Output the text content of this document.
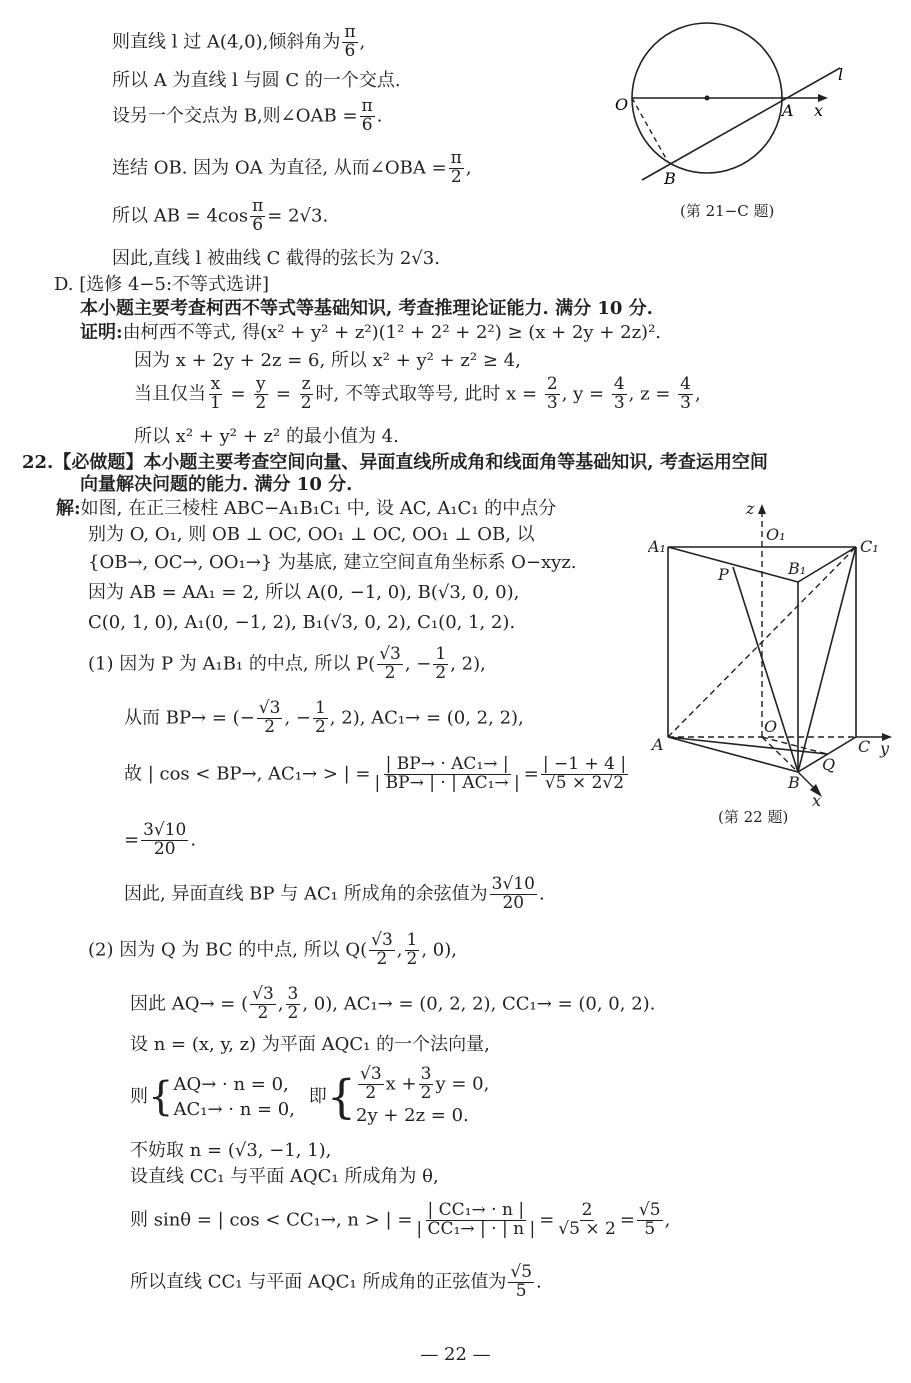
则直线 l 过 A(4,0),倾斜角为 $\frac{\pi}{6}$ ,
所以 A 为直线 l 与圆 C 的一个交点.
设另一个交点为 B,则∠OAB = $\frac{\pi}{6}$ .
连结 OB. 因为 OA 为直径, 从而∠OBA = $\frac{\pi}{2}$ ,
所以 AB = $4\cos \frac{\pi}{6} = 2√3$.
因此,直线 l 被曲线 C 截得的弦长为 2√3.
O	A
B
x
l
(第 21−C 题)
D. [选修 4−5:不等式选讲]
本小题主要考查柯西不等式等基础知识, 考查推理论证能力. 满分 10 分.
证明:由柯西不等式, 得(x² + y² + z²)(1² + 2² + 2²) ≥ (x + 2y + 2z)².
因为 x + 2y + 2z = 6, 所以 x² + y² + z² ≥ 4,
当且仅当 $\frac{x}{1} = \frac{y}{2} = \frac{z}{2}$ 时, 不等式取等号, 此时 $x = \frac{2}{3}$ , $y = \frac{4}{3}$ , $z = \frac{4}{3}$ ,
所以 x² + y² + z² 的最小值为 4.
22.【必做题】本小题主要考查空间向量、异面直线所成角和线面角等基础知识, 考查运用空间
向量解决问题的能力. 满分 10 分.
解:如图, 在正三棱柱 ABC−A₁B₁C₁ 中, 设 AC, A₁C₁ 的中点分
别为 O, O₁, 则 OB ⊥ OC, OO₁ ⊥ OC, OO₁ ⊥ OB, 以
{OB→, OC→, OO₁→} 为基底, 建立空间直角坐标系 O−xyz.
因为 AB = AA₁ = 2, 所以 A(0, −1, 0), B(√3, 0, 0),
C(0, 1, 0), A₁(0, −1, 2), B₁(√3, 0, 2), C₁(0, 1, 2).
(1) 因为 P 为 A₁B₁ 的中点, 所以 $P( \frac{√3}{2}$ , − $\frac{1}{2}$ , 2),
从而 BP→ = (− $\frac{√3}{2}$ , − $\frac{1}{2}$ , 2), AC₁→ = (0, 2, 2),
故 | cos < BP→, AC₁→ > | = $\frac{\text{| BP→ · AC₁→ |}}{\text{| BP→ | · | AC₁→ |}} = \frac{| -1 + 4 |}{√5 \times 2√2}$
= $\frac{3√10}{20}$ .
因此, 异面直线 BP 与 AC₁ 所成角的余弦值为 $\frac{3√10}{20}$ .
(2) 因为 Q 为 BC 的中点, 所以 $Q( \frac{√3}{2}$ , $\frac{1}{2}$ , 0),
因此 AQ→ = ( $\frac{√3}{2}$ , $\frac{3}{2}$ , 0), AC₁→ = (0, 2, 2), CC₁→ = (0, 0, 2).
设 n = (x, y, z) 为平面 AQC₁ 的一个法向量,
则{ AQ→ · n = 0,
AC₁→ · n = 0,
即{ $\frac{√3}{2}$ $x + \frac{3}{2}$ y = 0,
2y + 2z = 0.
不妨取 n = (√3, −1, 1),
设直线 CC₁ 与平面 AQC₁ 所成角为 θ,
则 sinθ = | cos < CC₁→, n > | = $\frac{\text{| CC₁→ · n |}}{\text{| CC₁→ | · | n |}} = \frac{2}{√5 \times 2} = \frac{√5}{5}$ ,
所以直线 CC₁ 与平面 AQC₁ 所成角的正弦值为 $\frac{√5}{5}$ .
z
O₁
A₁	C₁
B₁
P
O
A	C y
Q
B
x
(第 22 题)
— 22 —
